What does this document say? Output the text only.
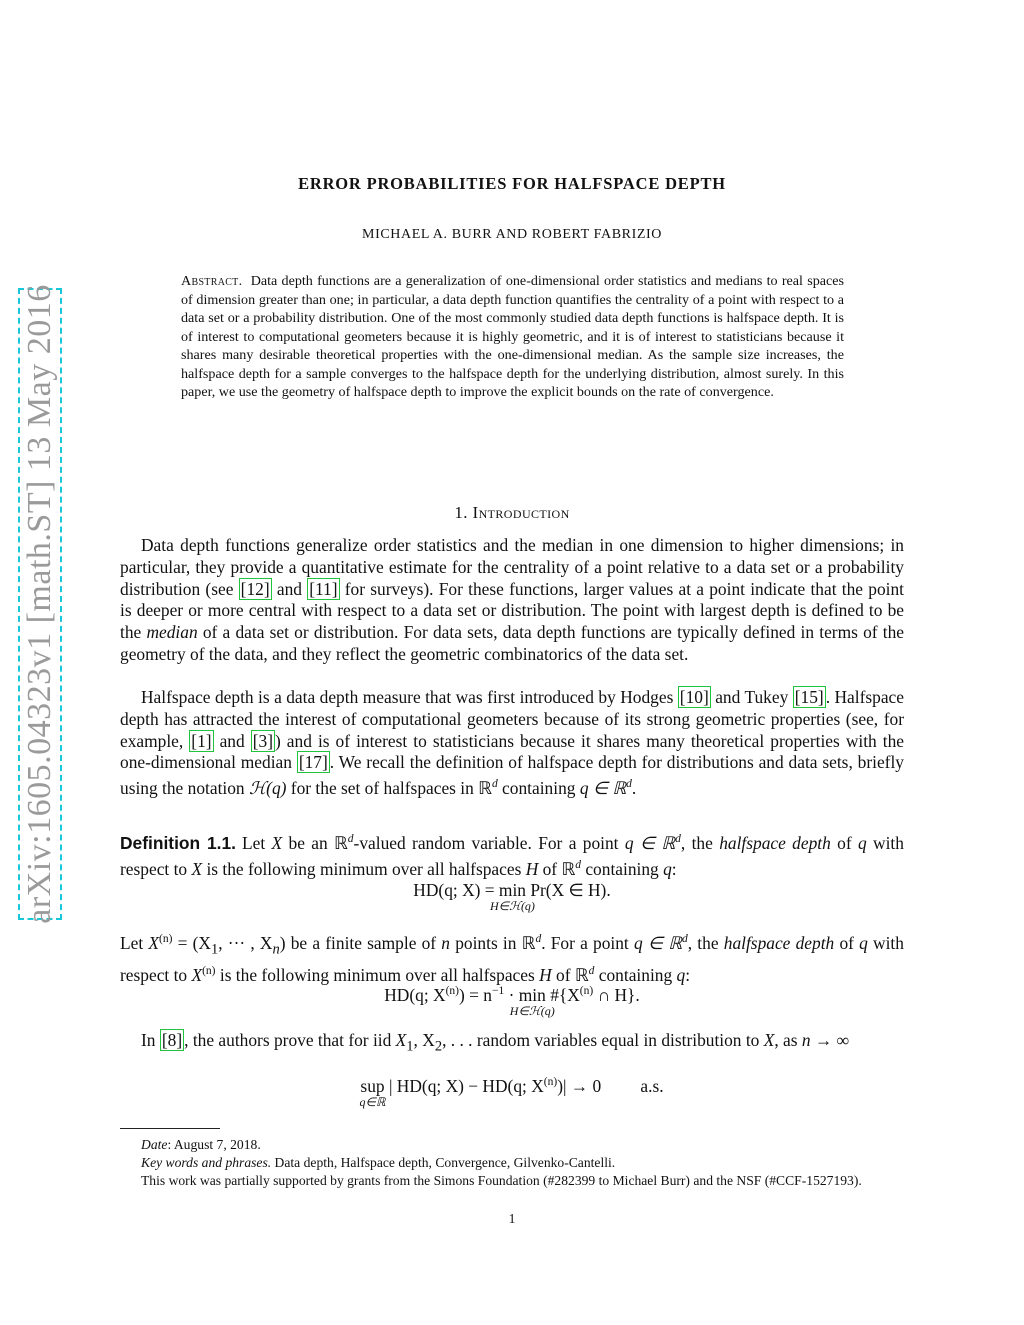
arXiv:1605.04323v1 [math.ST] 13 May 2016
ERROR PROBABILITIES FOR HALFSPACE DEPTH
MICHAEL A. BURR AND ROBERT FABRIZIO
Abstract. Data depth functions are a generalization of one-dimensional order statistics and medians to real spaces of dimension greater than one; in particular, a data depth function quantifies the centrality of a point with respect to a data set or a probability distribution. One of the most commonly studied data depth functions is halfspace depth. It is of interest to computational geometers because it is highly geometric, and it is of interest to statisticians because it shares many desirable theoretical properties with the one-dimensional median. As the sample size increases, the halfspace depth for a sample converges to the halfspace depth for the underlying distribution, almost surely. In this paper, we use the geometry of halfspace depth to improve the explicit bounds on the rate of convergence.
1. Introduction

Data depth functions generalize order statistics and the median in one dimension to higher dimensions; in particular, they provide a quantitative estimate for the centrality of a point relative to a data set or a probability distribution (see [12] and [11] for surveys). For these functions, larger values at a point indicate that the point is deeper or more central with respect to a data set or distribution. The point with largest depth is defined to be the median of a data set or distribution. For data sets, data depth functions are typically defined in terms of the geometry of the data, and they reflect the geometric combinatorics of the data set.

Halfspace depth is a data depth measure that was first introduced by Hodges [10] and Tukey [15] . Halfspace depth has attracted the interest of computational geometers because of its strong geometric properties (see, for example, [1] and [3] ) and is of interest to statisticians because it shares many theoretical properties with the one-dimensional median [17] . We recall the definition of halfspace depth for distributions and data sets, briefly using the notation ℋ(q) for the set of halfspaces in ℝ$^d$ containing q ∈ ℝ$^d$.

Definition 1.1. Let X be an ℝ$^d$-valued random variable. For a point q ∈ ℝ$^d$, the halfspace depth of q with respect to X is the following minimum over all halfspaces H of ℝ$^d$ containing q:

HD(q; X) = min
H∈ℋ(q)
Pr(X ∈ H).

Let $X^{(n)} = (X_1$, ··· , $X_n$) be a finite sample of n points in ℝ$^d$. For a point q ∈ ℝ$^d$, the halfspace depth of q with respect to $X^{(n)}$ is the following minimum over all halfspaces H of ℝ$^d$ containing q:

HD(q; $X^{(n)}) = n^{-1} \cdot \min$
H∈ℋ(q)
$\#\{X^{(n)}$ ∩ H}.

In [8] , the authors prove that for iid $X_1$, $X_2$, . . . random variables equal in distribution to X, as n → ∞

sup
q∈ℝ
| HD(q; X) − HD(q; $X^{(n)})| \to 0$ a.s.

Date: August 7, 2018.

Key words and phrases. Data depth, Halfspace depth, Convergence, Gilvenko-Cantelli.

This work was partially supported by grants from the Simons Foundation (#282399 to Michael Burr) and the NSF (#CCF-1527193).

1
